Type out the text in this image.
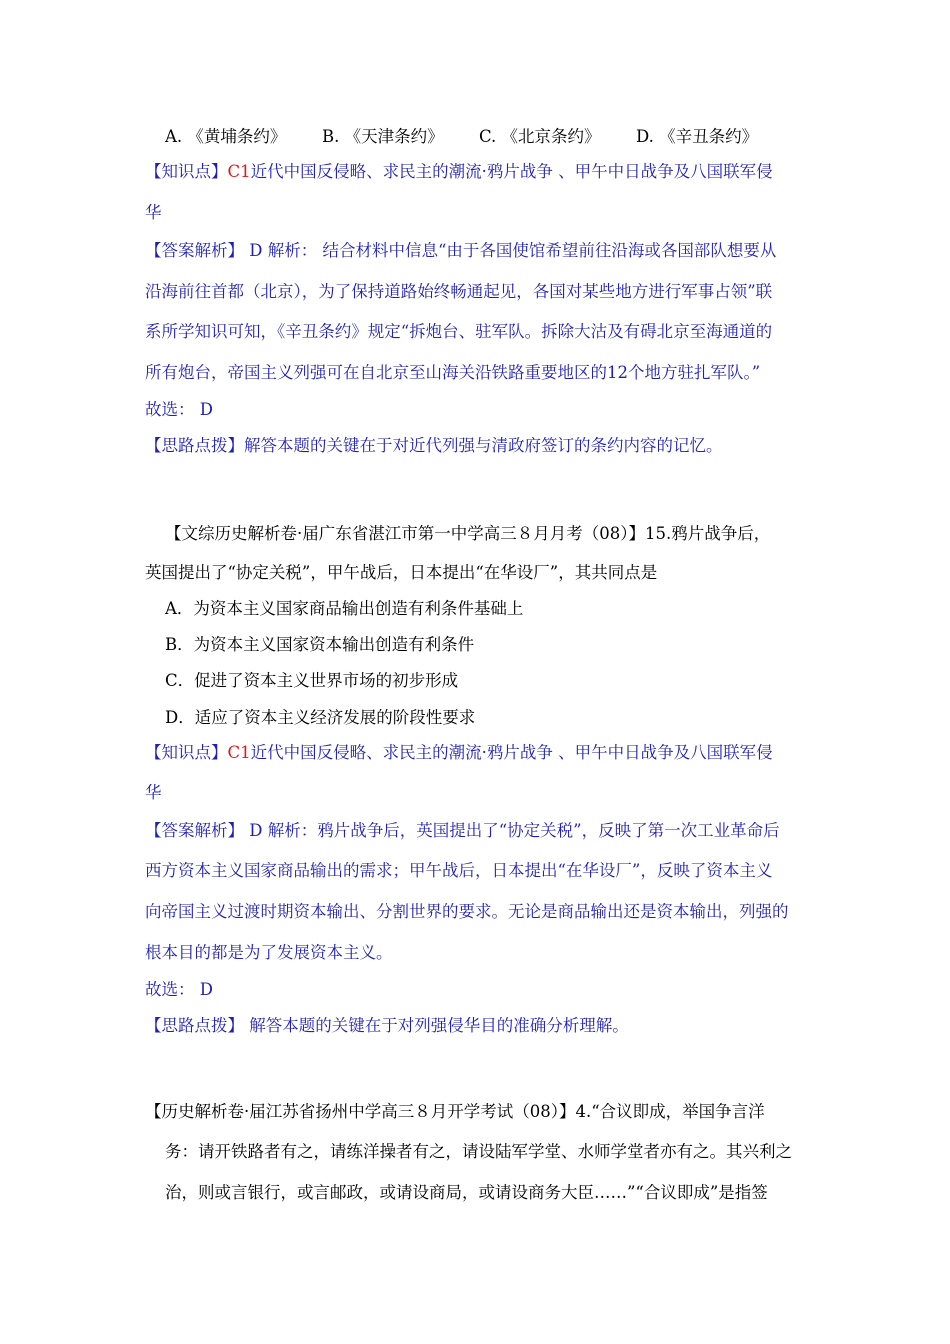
A. 《黄埔条约》 B. 《天津条约》 C. 《北京条约》 D. 《辛丑条约》
【知识点】C1近代中国反侵略、求民主的潮流·鸦片战争 、甲午中日战争及八国联军侵
华
【答案解析】 D 解析： 结合材料中信息“由于各国使馆希望前往沿海或各国部队想要从
沿海前往首都（北京），为了保持道路始终畅通起见，各国对某些地方进行军事占领”联
系所学知识可知，《辛丑条约》规定“拆炮台、驻军队。拆除大沽及有碍北京至海通道的
所有炮台，帝国主义列强可在自北京至山海关沿铁路重要地区的12个地方驻扎军队。”
故选： D
【思路点拨】解答本题的关键在于对近代列强与清政府签订的条约内容的记忆。
【文综历史解析卷·届广东省湛江市第一中学高三８月月考（08）】15.鸦片战争后，
英国提出了“协定关税”，甲午战后，日本提出“在华设厂”，其共同点是
A．为资本主义国家商品输出创造有利条件基础上
B．为资本主义国家资本输出创造有利条件
C．促进了资本主义世界市场的初步形成
D．适应了资本主义经济发展的阶段性要求
【知识点】C1近代中国反侵略、求民主的潮流·鸦片战争 、甲午中日战争及八国联军侵
华
【答案解析】 D 解析：鸦片战争后，英国提出了“协定关税”，反映了第一次工业革命后
西方资本主义国家商品输出的需求；甲午战后，日本提出“在华设厂”，反映了资本主义
向帝国主义过渡时期资本输出、分割世界的要求。无论是商品输出还是资本输出，列强的
根本目的都是为了发展资本主义。
故选： D
【思路点拨】 解答本题的关键在于对列强侵华目的准确分析理解。
【历史解析卷·届江苏省扬州中学高三８月开学考试（08）】4.“合议即成，举国争言洋
务：请开铁路者有之，请练洋操者有之，请设陆军学堂、水师学堂者亦有之。其兴利之
治，则或言银行，或言邮政，或请设商局，或请设商务大臣……”“合议即成”是指签
